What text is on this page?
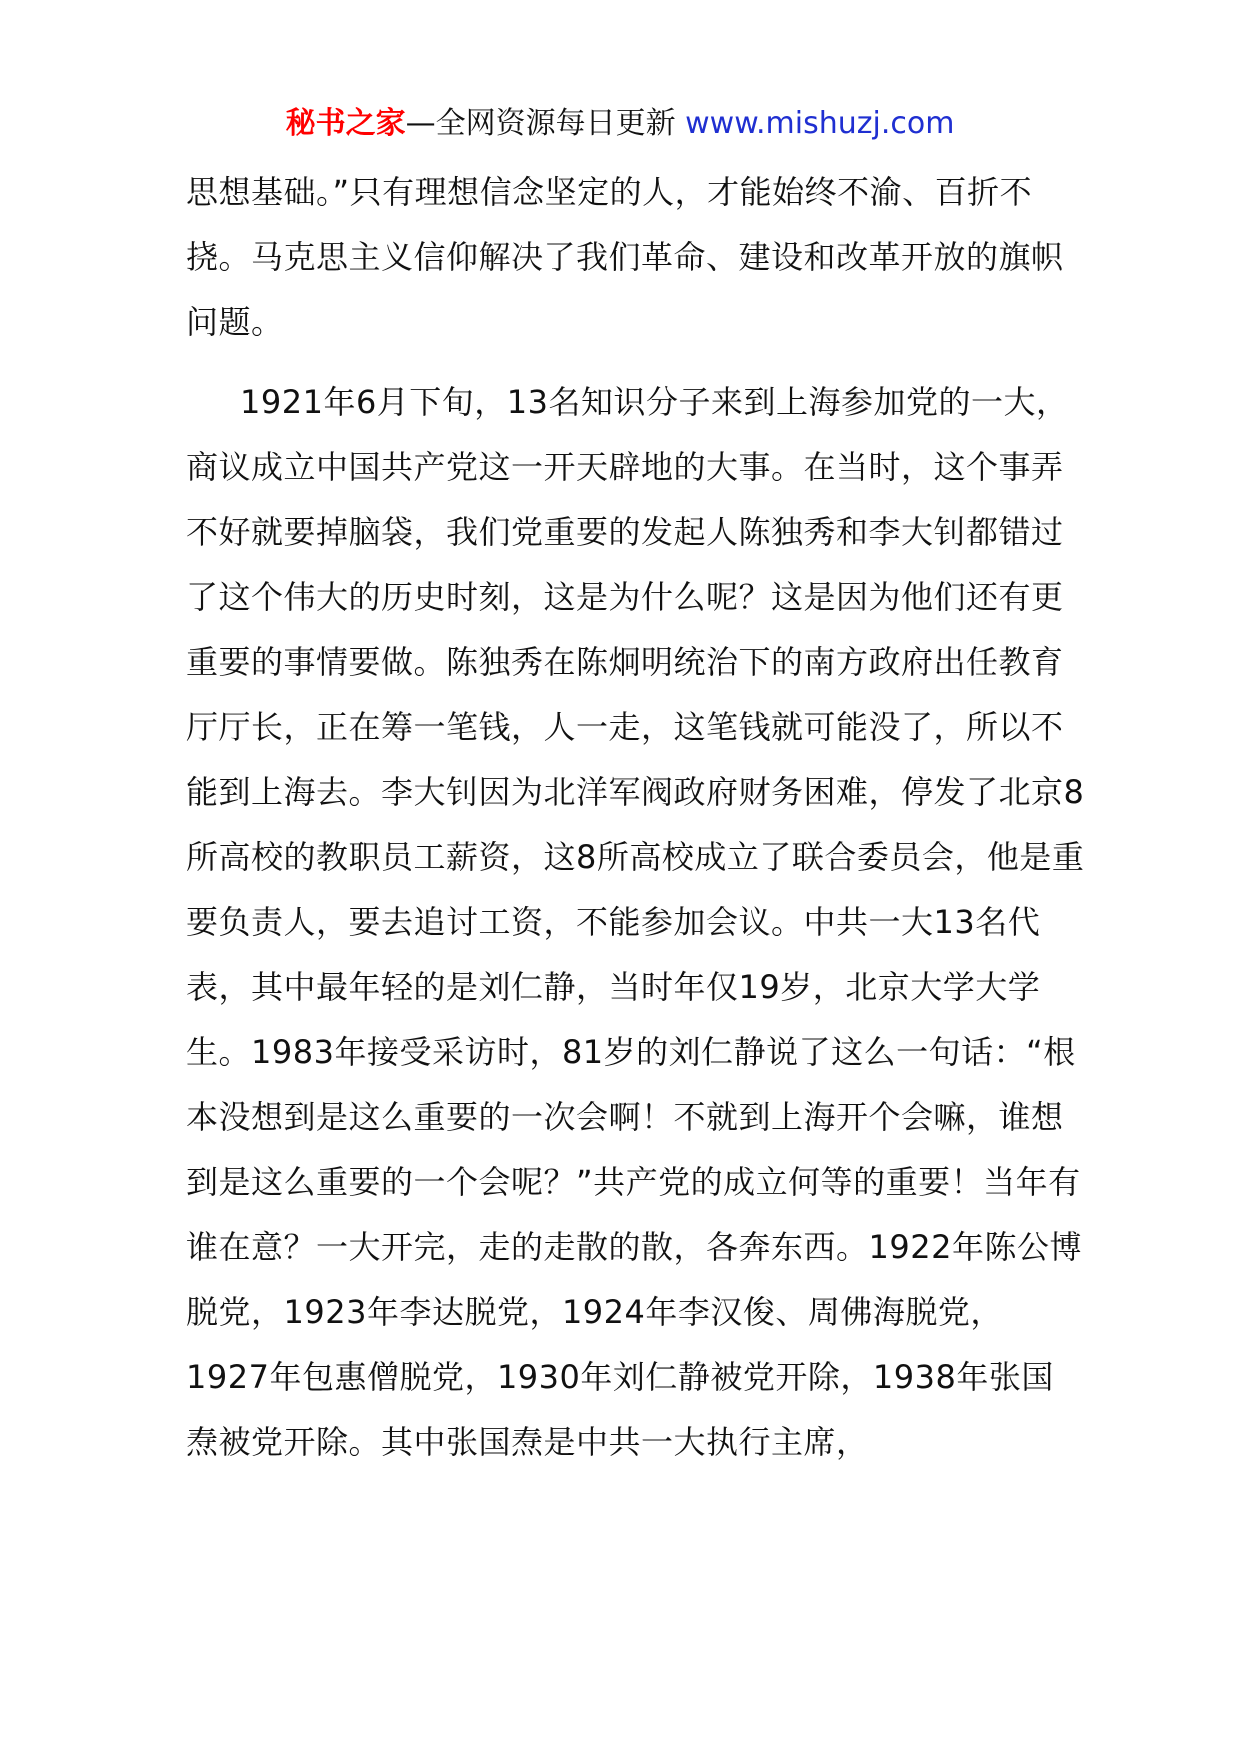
秘书之家—全网资源每日更新 www.mishuzj.com

思想基础。”只有理想信念坚定的人，才能始终不渝、百折不挠。马克思主义信仰解决了我们革命、建设和改革开放的旗帜问题。

1921年6月下旬，13名知识分子来到上海参加党的一大，商议成立中国共产党这一开天辟地的大事。在当时，这个事弄不好就要掉脑袋，我们党重要的发起人陈独秀和李大钊都错过了这个伟大的历史时刻，这是为什么呢？这是因为他们还有更重要的事情要做。陈独秀在陈炯明统治下的南方政府出任教育厅厅长，正在筹一笔钱，人一走，这笔钱就可能没了，所以不能到上海去。李大钊因为北洋军阀政府财务困难，停发了北京8所高校的教职员工薪资，这8所高校成立了联合委员会，他是重要负责人，要去追讨工资，不能参加会议。中共一大13名代表，其中最年轻的是刘仁静，当时年仅19岁，北京大学大学生。1983年接受采访时，81岁的刘仁静说了这么一句话：“根本没想到是这么重要的一次会啊！不就到上海开个会嘛，谁想到是这么重要的一个会呢？”共产党的成立何等的重要！当年有谁在意？一大开完，走的走散的散，各奔东西。1922年陈公博脱党，1923年李达脱党，1924年李汉俊、周佛海脱党，1927年包惠僧脱党，1930年刘仁静被党开除，1938年张国焘被党开除。其中张国焘是中共一大执行主席，
